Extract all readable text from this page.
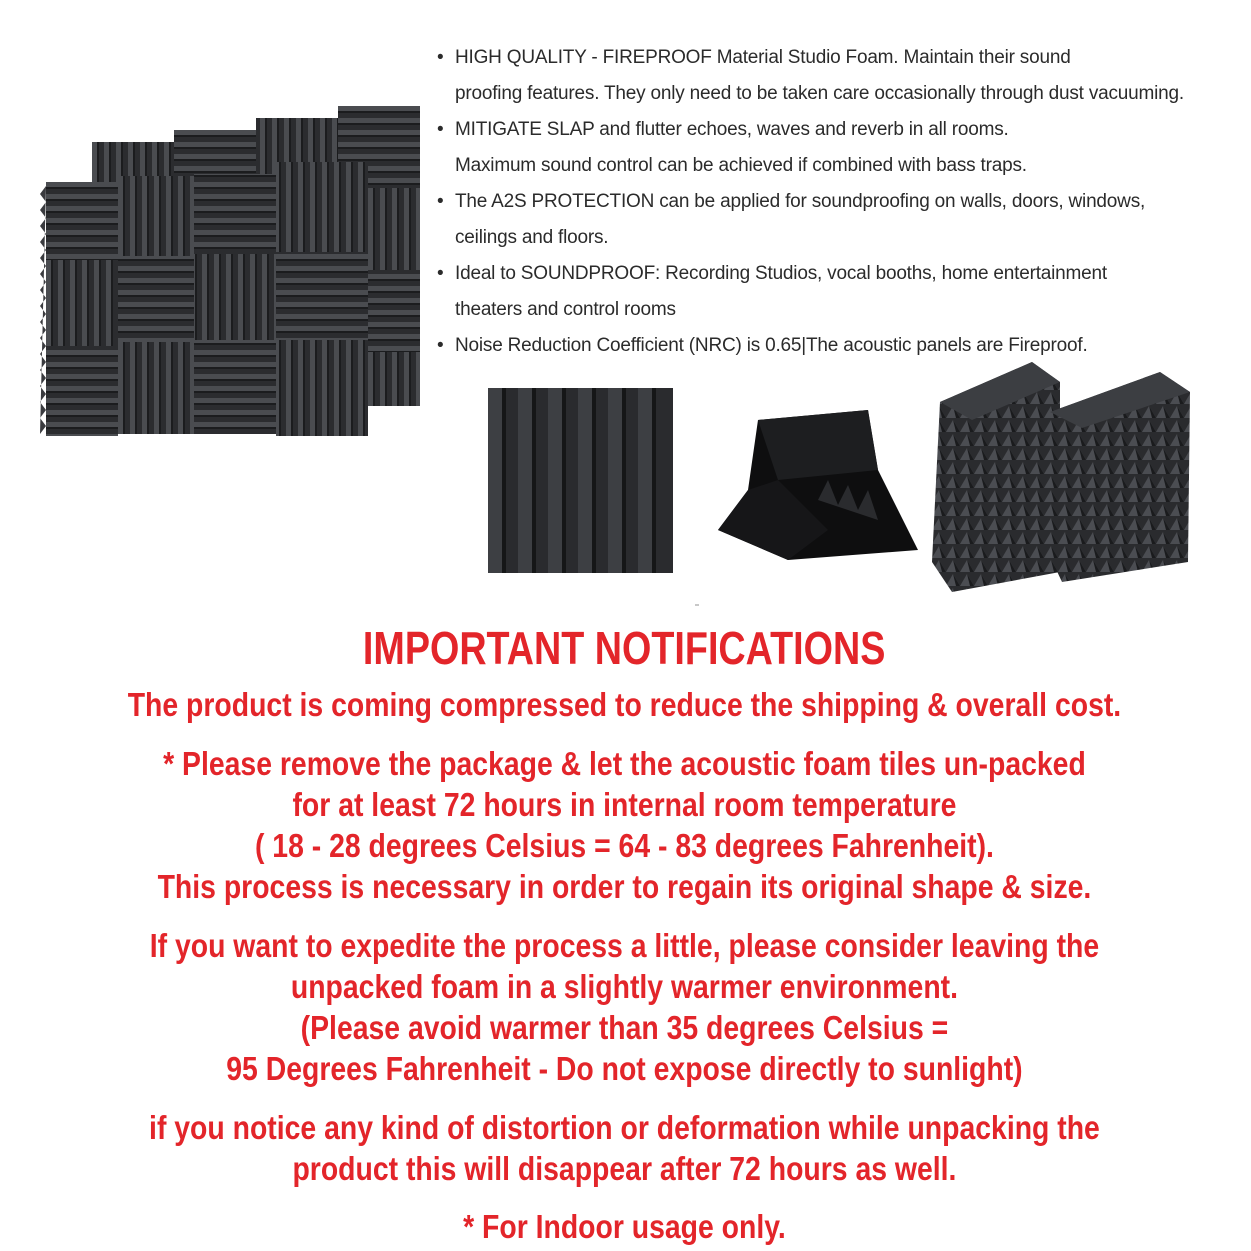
• HIGH QUALITY - FIREPROOF Material Studio Foam. Maintain their sound
proofing features. They only need to be taken care occasionally through dust vacuuming.
• MITIGATE SLAP and flutter echoes, waves and reverb in all rooms.
Maximum sound control can be achieved if combined with bass traps.
• The A2S PROTECTION can be applied for soundproofing on walls, doors, windows,
ceilings and floors.
• Ideal to SOUNDPROOF: Recording Studios, vocal booths, home entertainment
theaters and control rooms
• Noise Reduction Coefficient (NRC) is 0.65|The acoustic panels are Fireproof.
IMPORTANT NOTIFICATIONS
The product is coming compressed to reduce the shipping & overall cost.
* Please remove the package & let the acoustic foam tiles un-packed
for at least 72 hours in internal room temperature
( 18 - 28 degrees Celsius = 64 - 83 degrees Fahrenheit).
This process is necessary in order to regain its original shape & size.
If you want to expedite the process a little, please consider leaving the
unpacked foam in a slightly warmer environment.
(Please avoid warmer than 35 degrees Celsius =
95 Degrees Fahrenheit - Do not expose directly to sunlight)
if you notice any kind of distortion or deformation while unpacking the
product this will disappear after 72 hours as well.
* For Indoor usage only.
